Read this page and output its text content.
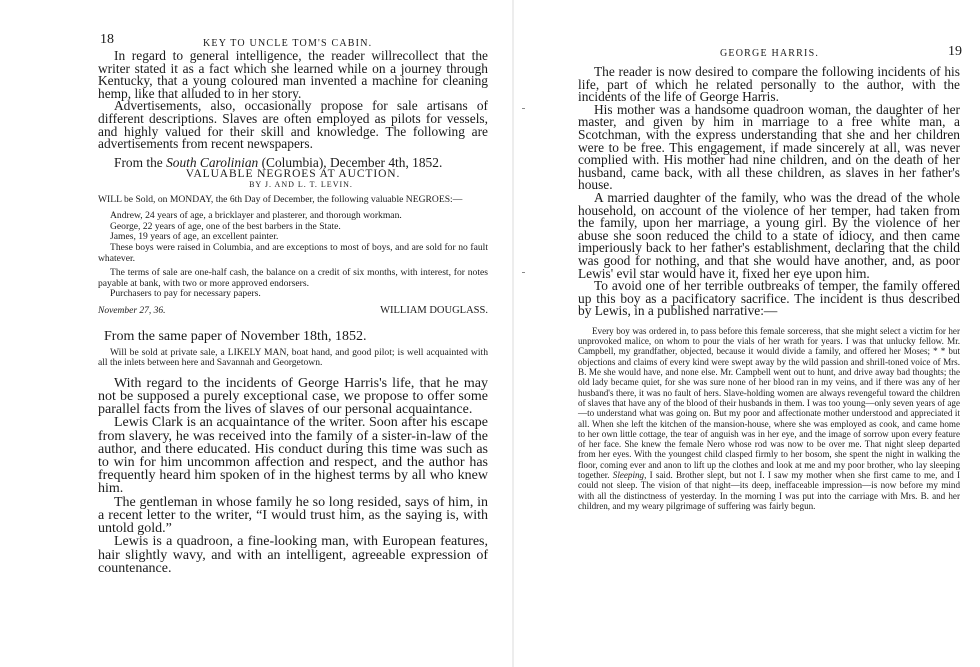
18	KEY TO UNCLE TOM'S CABIN.

In regard to general intelligence, the reader willrecollect that the writer stated it as a fact which she learned while on a journey through Kentucky, that a young coloured man invented a machine for cleaning hemp, like that alluded to in her story.

Advertisements, also, occasionally propose for sale artisans of different descriptions. Slaves are often employed as pilots for vessels, and highly valued for their skill and knowledge. The following are advertisements from recent newspapers.

From the South Carolinian (Columbia), December 4th, 1852.

VALUABLE NEGROES AT AUCTION.

BY J. AND L. T. LEVIN.

WILL be Sold, on MONDAY, the 6th Day of December, the following valuable NEGROES:—

Andrew, 24 years of age, a bricklayer and plasterer, and thorough workman.

George, 22 years of age, one of the best barbers in the State.

James, 19 years of age, an excellent painter.

These boys were raised in Columbia, and are exceptions to most of boys, and are sold for no fault whatever.

The terms of sale are one-half cash, the balance on a credit of six months, with interest, for notes payable at bank, with two or more approved endorsers.

Purchasers to pay for necessary papers.

November 27, 36.	WILLIAM DOUGLASS.

From the same paper of November 18th, 1852.

Will be sold at private sale, a LIKELY MAN, boat hand, and good pilot; is well acquainted with all the inlets between here and Savannah and Georgetown.

With regard to the incidents of George Harris's life, that he may not be supposed a purely exceptional case, we propose to offer some parallel facts from the lives of slaves of our personal acquaintance.

Lewis Clark is an acquaintance of the writer. Soon after his escape from slavery, he was received into the family of a sister-in-law of the author, and there educated. His conduct during this time was such as to win for him uncommon affection and respect, and the author has frequently heard him spoken of in the highest terms by all who knew him.

The gentleman in whose family he so long resided, says of him, in a recent letter to the writer, “I would trust him, as the saying is, with untold gold.”

Lewis is a quadroon, a fine-looking man, with European features, hair slightly wavy, and with an intelligent, agreeable expression of countenance.

GEORGE HARRIS.	19

The reader is now desired to compare the following incidents of his life, part of which he related personally to the author, with the incidents of the life of George Harris.

His mother was a handsome quadroon woman, the daughter of her master, and given by him in marriage to a free white man, a Scotchman, with the express understanding that she and her children were to be free. This engagement, if made sincerely at all, was never complied with. His mother had nine children, and on the death of her husband, came back, with all these children, as slaves in her father's house.

A married daughter of the family, who was the dread of the whole household, on account of the violence of her temper, had taken from the family, upon her marriage, a young girl. By the violence of her abuse she soon reduced the child to a state of idiocy, and then came imperiously back to her father's establishment, declaring that the child was good for nothing, and that she would have another, and, as poor Lewis' evil star would have it, fixed her eye upon him.

To avoid one of her terrible outbreaks of temper, the family offered up this boy as a pacificatory sacrifice. The incident is thus described by Lewis, in a published narrative:—

Every boy was ordered in, to pass before this female sorceress, that she might select a victim for her unprovoked malice, on whom to pour the vials of her wrath for years. I was that unlucky fellow. Mr. Campbell, my grandfather, objected, because it would divide a family, and offered her Moses; * * but objections and claims of every kind were swept away by the wild passion and shrill-toned voice of Mrs. B. Me she would have, and none else. Mr. Campbell went out to hunt, and drive away bad thoughts; the old lady became quiet, for she was sure none of her blood ran in my veins, and if there was any of her husband's there, it was no fault of hers. Slave-holding women are always revengeful toward the children of slaves that have any of the blood of their husbands in them. I was too young—only seven years of age—to understand what was going on. But my poor and affectionate mother understood and appreciated it all. When she left the kitchen of the mansion-house, where she was employed as cook, and came home to her own little cottage, the tear of anguish was in her eye, and the image of sorrow upon every feature of her face. She knew the female Nero whose rod was now to be over me. That night sleep departed from her eyes. With the youngest child clasped firmly to her bosom, she spent the night in walking the floor, coming ever and anon to lift up the clothes and look at me and my poor brother, who lay sleeping together. Sleeping, I said. Brother slept, but not I. I saw my mother when she first came to me, and I could not sleep. The vision of that night—its deep, ineffaceable impression—is now before my mind with all the distinctness of yesterday. In the morning I was put into the carriage with Mrs. B. and her children, and my weary pilgrimage of suffering was fairly begun.
